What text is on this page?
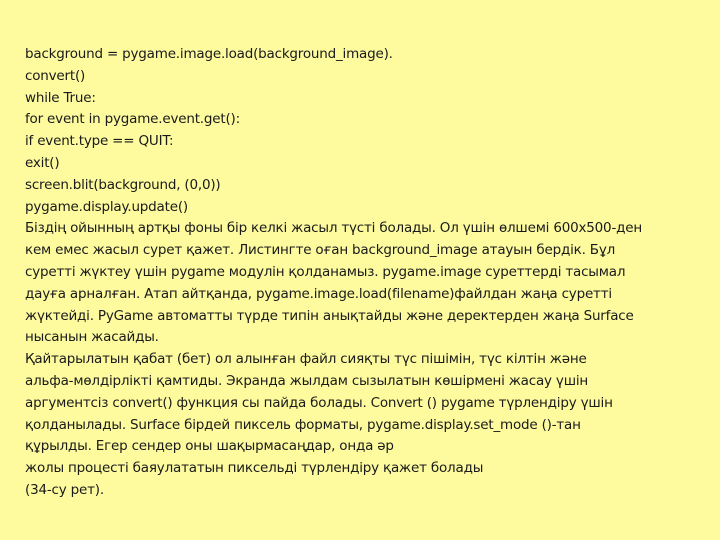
background = pygame.image.load(background_image).
convert()
while True:
for event in pygame.event.get():
if event.type == QUIT:
exit()
screen.blit(background, (0,0))
pygame.display.update()
Біздің ойынның артқы фоны бір келкі жасыл түсті болады. Ол үшін өлшемі 600х500-ден
кем емес жасыл сурет қажет. Листингте оған background_image атауын бердік. Бұл
суретті жүктеу үшін pygame модулін қолданамыз. pygame.image суреттерді тасымал
дауға арналған. Атап айтқанда, pygame.image.load(filename)файлдан жаңа суретті
жүктейді. PyGame автоматты түрде типін анықтайды және деректерден жаңа Surface
нысанын жасайды.
Қайтарылатын қабат (бет) ол алынған файл сияқты түс пішімін, түс кілтін және
альфа-мөлдірлікті қамтиды. Экранда жылдам сызылатын көшірмені жасау үшін
аргументсіз convert() функция сы пайда болады. Convert () pygame түрлендіру үшін
қолданылады. Surface бірдей пиксель форматы, pygame.display.set_mode ()-тан
құрылды. Егер сендер оны шақырмасаңдар, онда әр
жолы процесті баяулататын пиксельді түрлендіру қажет болады
(34-су рет).
